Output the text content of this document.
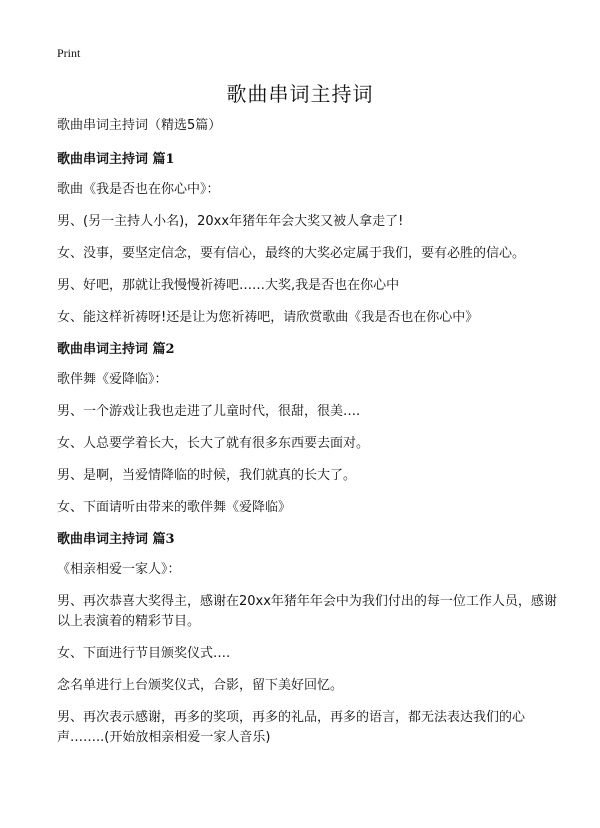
Print
歌曲串词主持词

歌曲串词主持词（精选5篇）

歌曲串词主持词 篇1

歌曲《我是否也在你心中》：

男、(另一主持人小名)，20xx年猪年年会大奖又被人拿走了!

女、没事，要坚定信念，要有信心，最终的大奖必定属于我们，要有必胜的信心。

男、好吧，那就让我慢慢祈祷吧……大奖,我是否也在你心中

女、能这样祈祷呀!还是让为您祈祷吧，请欣赏歌曲《我是否也在你心中》

歌曲串词主持词 篇2

歌伴舞《爱降临》：

男、一个游戏让我也走进了儿童时代，很甜，很美….

女、人总要学着长大，长大了就有很多东西要去面对。

男、是啊，当爱情降临的时候，我们就真的长大了。

女、下面请听由带来的歌伴舞《爱降临》

歌曲串词主持词 篇3

《相亲相爱一家人》：

男、再次恭喜大奖得主，感谢在20xx年猪年年会中为我们付出的每一位工作人员，感谢以上表演着的精彩节目。

女、下面进行节目颁奖仪式….

念名单进行上台颁奖仪式，合影，留下美好回忆。

男、再次表示感谢，再多的奖项，再多的礼品，再多的语言，都无法表达我们的心声……..(开始放相亲相爱一家人音乐)
